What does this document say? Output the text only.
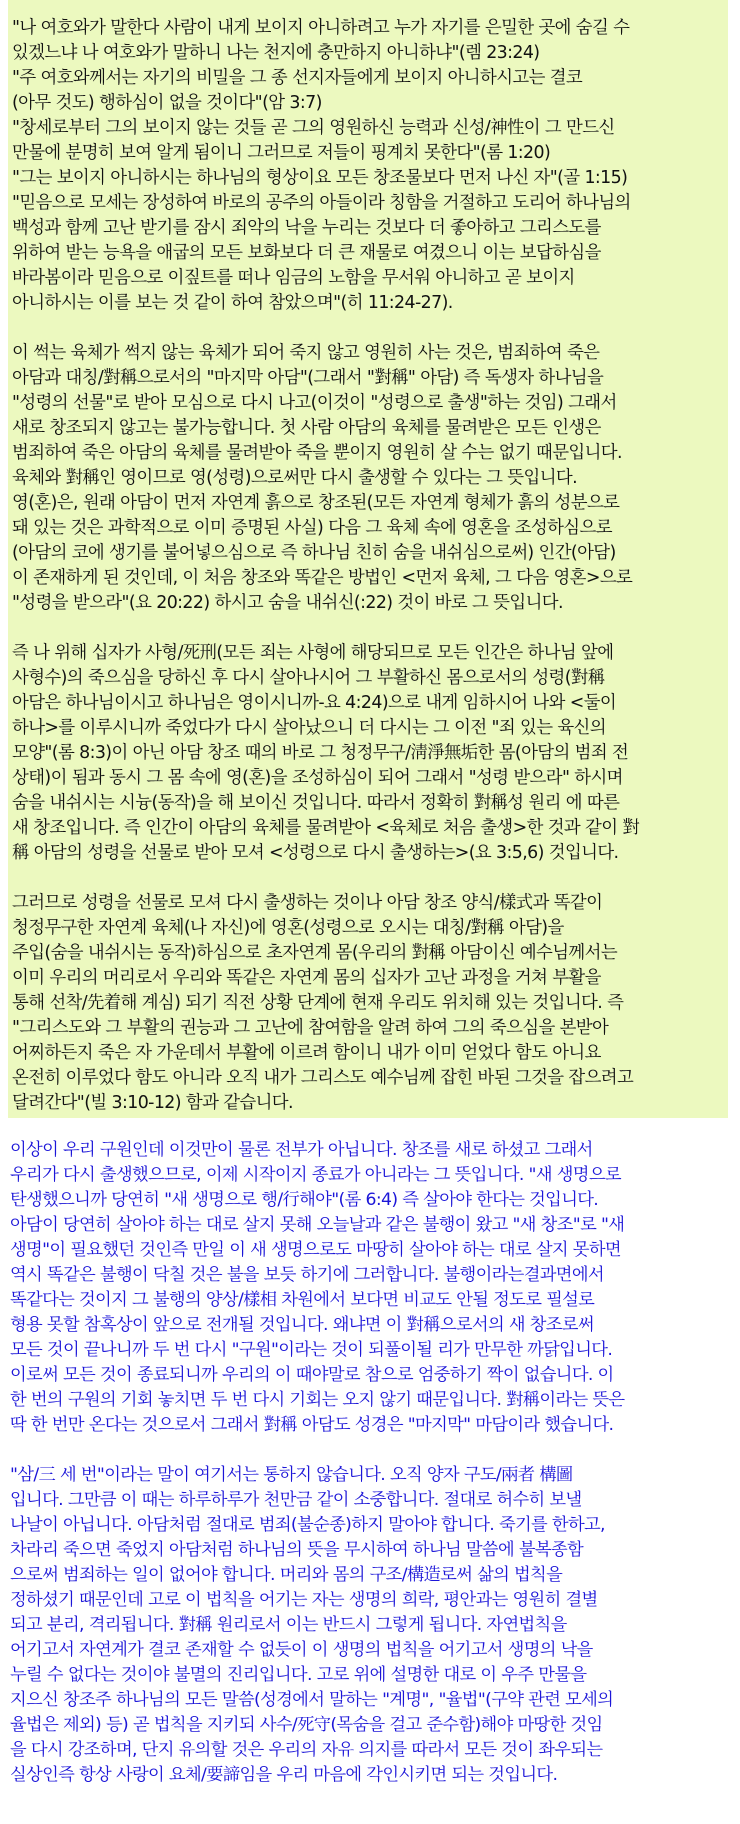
"나 여호와가 말한다 사람이 내게 보이지 아니하려고 누가 자기를 은밀한 곳에 숨길 수
있겠느냐 나 여호와가 말하니 나는 천지에 충만하지 아니하냐"(렘 23:24)
"주 여호와께서는 자기의 비밀을 그 종 선지자들에게 보이지 아니하시고는 결코
(아무 것도) 행하심이 없을 것이다"(암 3:7)
"창세로부터 그의 보이지 않는 것들 곧 그의 영원하신 능력과 신성/神性이 그 만드신
만물에 분명히 보여 알게 됨이니 그러므로 저들이 핑계치 못한다"(롬 1:20)
"그는 보이지 아니하시는 하나님의 형상이요 모든 창조물보다 먼저 나신 자"(골 1:15)
"믿음으로 모세는 장성하여 바로의 공주의 아들이라 칭함을 거절하고 도리어 하나님의
백성과 함께 고난 받기를 잠시 죄악의 낙을 누리는 것보다 더 좋아하고 그리스도를
위하여 받는 능욕을 애굽의 모든 보화보다 더 큰 재물로 여겼으니 이는 보답하심을
바라봄이라 믿음으로 이짚트를 떠나 임금의 노함을 무서워 아니하고 곧 보이지
아니하시는 이를 보는 것 같이 하여 참았으며"(히 11:24-27).

이 썩는 육체가 썩지 않는 육체가 되어 죽지 않고 영원히 사는 것은, 범죄하여 죽은
아담과 대칭/對稱으로서의 "마지막 아담"(그래서 "對稱" 아담) 즉 독생자 하나님을
"성령의 선물"로 받아 모심으로 다시 나고(이것이 "성령으로 출생"하는 것임) 그래서
새로 창조되지 않고는 불가능합니다. 첫 사람 아담의 육체를 물려받은 모든 인생은
범죄하여 죽은 아담의 육체를 물려받아 죽을 뿐이지 영원히 살 수는 없기 때문입니다.
육체와 對稱인 영이므로 영(성령)으로써만 다시 출생할 수 있다는 그 뜻입니다.
영(혼)은, 원래 아담이 먼저 자연계 흙으로 창조된(모든 자연계 형체가 흙의 성분으로
돼 있는 것은 과학적으로 이미 증명된 사실) 다음 그 육체 속에 영혼을 조성하심으로
(아담의 코에 생기를 불어넣으심으로 즉 하나님 친히 숨을 내쉬심으로써) 인간(아담)
이 존재하게 된 것인데, 이 처음 창조와 똑같은 방법인 <먼저 육체, 그 다음 영혼>으로
"성령을 받으라"(요 20:22) 하시고 숨을 내쉬신(:22) 것이 바로 그 뜻입니다.

즉 나 위해 십자가 사형/死刑(모든 죄는 사형에 해당되므로 모든 인간은 하나님 앞에
사형수)의 죽으심을 당하신 후 다시 살아나시어 그 부활하신 몸으로서의 성령(對稱
아담은 하나님이시고 하나님은 영이시니까-요 4:24)으로 내게 임하시어 나와 <둘이
하나>를 이루시니까 죽었다가 다시 살아났으니 더 다시는 그 이전 "죄 있는 육신의
모양"(롬 8:3)이 아닌 아담 창조 때의 바로 그 청정무구/淸淨無垢한 몸(아담의 범죄 전
상태)이 됨과 동시 그 몸 속에 영(혼)을 조성하심이 되어 그래서 "성령 받으라" 하시며
숨을 내쉬시는 시늉(동작)을 해 보이신 것입니다. 따라서 정확히 對稱성 원리 에 따른
새 창조입니다. 즉 인간이 아담의 육체를 물려받아 <육체로 처음 출생>한 것과 같이 對
稱 아담의 성령을 선물로 받아 모셔 <성령으로 다시 출생하는>(요 3:5,6) 것입니다.

그러므로 성령을 선물로 모셔 다시 출생하는 것이나 아담 창조 양식/樣式과 똑같이
청정무구한 자연계 육체(나 자신)에 영혼(성령으로 오시는 대칭/對稱 아담)을
주입(숨을 내쉬시는 동작)하심으로 초자연계 몸(우리의 對稱 아담이신 예수님께서는
이미 우리의 머리로서 우리와 똑같은 자연계 몸의 십자가 고난 과정을 거쳐 부활을
통해 선착/先着해 계심) 되기 직전 상황 단계에 현재 우리도 위치해 있는 것입니다. 즉
"그리스도와 그 부활의 권능과 그 고난에 참여함을 알려 하여 그의 죽으심을 본받아
어찌하든지 죽은 자 가운데서 부활에 이르려 함이니 내가 이미 얻었다 함도 아니요
온전히 이루었다 함도 아니라 오직 내가 그리스도 예수님께 잡힌 바된 그것을 잡으려고
달려간다"(빌 3:10-12) 함과 같습니다.

이상이 우리 구원인데 이것만이 물론 전부가 아닙니다. 창조를 새로 하셨고 그래서
우리가 다시 출생했으므로, 이제 시작이지 종료가 아니라는 그 뜻입니다. "새 생명으로
탄생했으니까 당연히 "새 생명으로 행/行해야"(롬 6:4) 즉 살아야 한다는 것입니다.
아담이 당연히 살아야 하는 대로 살지 못해 오늘날과 같은 불행이 왔고 "새 창조"로 "새
생명"이 필요했던 것인즉 만일 이 새 생명으로도 마땅히 살아야 하는 대로 살지 못하면
역시 똑같은 불행이 닥칠 것은 불을 보듯 하기에 그러합니다. 불행이라는결과면에서
똑같다는 것이지 그 불행의 양상/樣相 차원에서 보다면 비교도 안될 정도로 필설로
형용 못할 참혹상이 앞으로 전개될 것입니다. 왜냐면 이 對稱으로서의 새 창조로써
모든 것이 끝나니까 두 번 다시 "구원"이라는 것이 되풀이될 리가 만무한 까닭입니다.
이로써 모든 것이 종료되니까 우리의 이 때야말로 참으로 엄중하기 짝이 없습니다. 이
한 번의 구원의 기회 놓치면 두 번 다시 기회는 오지 않기 때문입니다. 對稱이라는 뜻은
딱 한 번만 온다는 것으로서 그래서 對稱 아담도 성경은 "마지막" 마담이라 했습니다.

"삼/三 세 번"이라는 말이 여기서는 통하지 않습니다. 오직 양자 구도/兩者 構圖
입니다. 그만큼 이 때는 하루하루가 천만금 같이 소중합니다. 절대로 허수히 보낼
나날이 아닙니다. 아담처럼 절대로 범죄(불순종)하지 말아야 합니다. 죽기를 한하고,
차라리 죽으면 죽었지 아담처럼 하나님의 뜻을 무시하여 하나님 말씀에 불복종함
으로써 범죄하는 일이 없어야 합니다. 머리와 몸의 구조/構造로써 삶의 법칙을
정하셨기 때문인데 고로 이 법칙을 어기는 자는 생명의 희락, 평안과는 영원히 결별
되고 분리, 격리됩니다. 對稱 원리로서 이는 반드시 그렇게 됩니다. 자연법칙을
어기고서 자연계가 결코 존재할 수 없듯이 이 생명의 법칙을 어기고서 생명의 낙을
누릴 수 없다는 것이야 불멸의 진리입니다. 고로 위에 설명한 대로 이 우주 만물을
지으신 창조주 하나님의 모든 말씀(성경에서 말하는 "계명", "율법"(구약 관련 모세의
율법은 제외) 등) 곧 법칙을 지키되 사수/死守(목숨을 걸고 준수함)해야 마땅한 것임
을 다시 강조하며, 단지 유의할 것은 우리의 자유 의지를 따라서 모든 것이 좌우되는
실상인즉 항상 사랑이 요체/要諦임을 우리 마음에 각인시키면 되는 것입니다.
